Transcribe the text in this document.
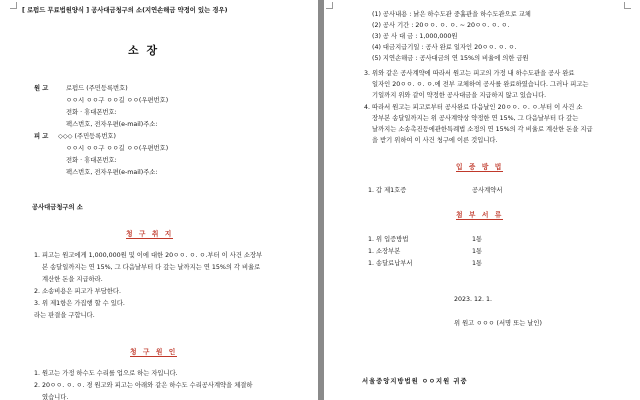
[ 로펌드 무료법원양식 ] 공사대금청구의 소(지연손해금 약정이 있는 경우)
소 장
원 고	로펌드 (주민등록번호)
ㅇㅇ시 ㅇㅇ구 ㅇㅇ길 ㅇㅇ(우편번호)
전화 · 휴대폰번호:
팩스번호, 전자우편(e-mail)주소:
피 고 ◇◇◇ (주민등록번호)
ㅇㅇ시 ㅇㅇ구 ㅇㅇ길 ㅇㅇ(우편번호)
전화 · 휴대폰번호:
팩스번호, 전자우편(e-mail)주소:
공사대금청구의 소
청 구 취 지
1. 피고는 원고에게 1,000,000원 및 이에 대한 20ㅇㅇ. ㅇ. ㅇ.부터 이 사건 소장부
본 송달일까지는 연 15%, 그 다음날부터 다 갚는 날까지는 연 15%의 각 비율로
계산한 돈을 지급하라.
2. 소송비용은 피고가 부담한다.
3. 위 제1항은 가집행 할 수 있다.
라는 판결을 구합니다.
청 구 원 인
1. 원고는 가정 하수도 수리를 업으로 하는 자입니다.
2. 20ㅇㅇ. ㅇ. ㅇ. 경 원고와 피고는 아래와 같은 하수도 수리공사계약을 체결하
였습니다.
(1) 공사내용 : 낡은 하수도관 중흄관을 하수도관으로 교체
(2) 공사 기간 : 20ㅇㅇ. ㅇ. ㅇ. ~ 20ㅇㅇ. ㅇ. ㅇ.
(3) 공 사 대 금 : 1,000,000원
(4) 대금지급기일 : 공사 완료 일자인 20ㅇㅇ. ㅇ. ㅇ.
(5) 지연손해금 : 공사대금의 연 15%의 비율에 의한 금원
3. 위와 같은 공사계약에 따라서 원고는 피고의 가정 내 하수도관을 공사 완료
일자인 20ㅇㅇ. ㅇ. ㅇ.에 전부 교체하여 공사를 완료하였습니다. 그러나 피고는
기일까지 위와 같이 약정한 공사대금을 지급하지 않고 있습니다.
4. 따라서 원고는 피고로부터 공사완료 다음날인 20ㅇㅇ. ㅇ. ㅇ.부터 이 사건 소
장부본 송달일까지는 위 공사계약상 약정한 연 15%, 그 다음날부터 다 갚는
날까지는 소송촉진등에관한특례법 소정의 연 15%의 각 비율로 계산한 돈을 지급
을 받기 위하여 이 사건 청구에 이른 것입니다.
입 증 방 법
1. 갑 제1호증	공사계약서
첨 부 서 류
1. 위 입증방법	1통
1. 소장부본	1통
1. 송달료납부서	1통
2023. 12. 1.
위 원고 ㅇㅇㅇ (서명 또는 날인)
서울중앙지방법원 ㅇㅇ지원 귀중
